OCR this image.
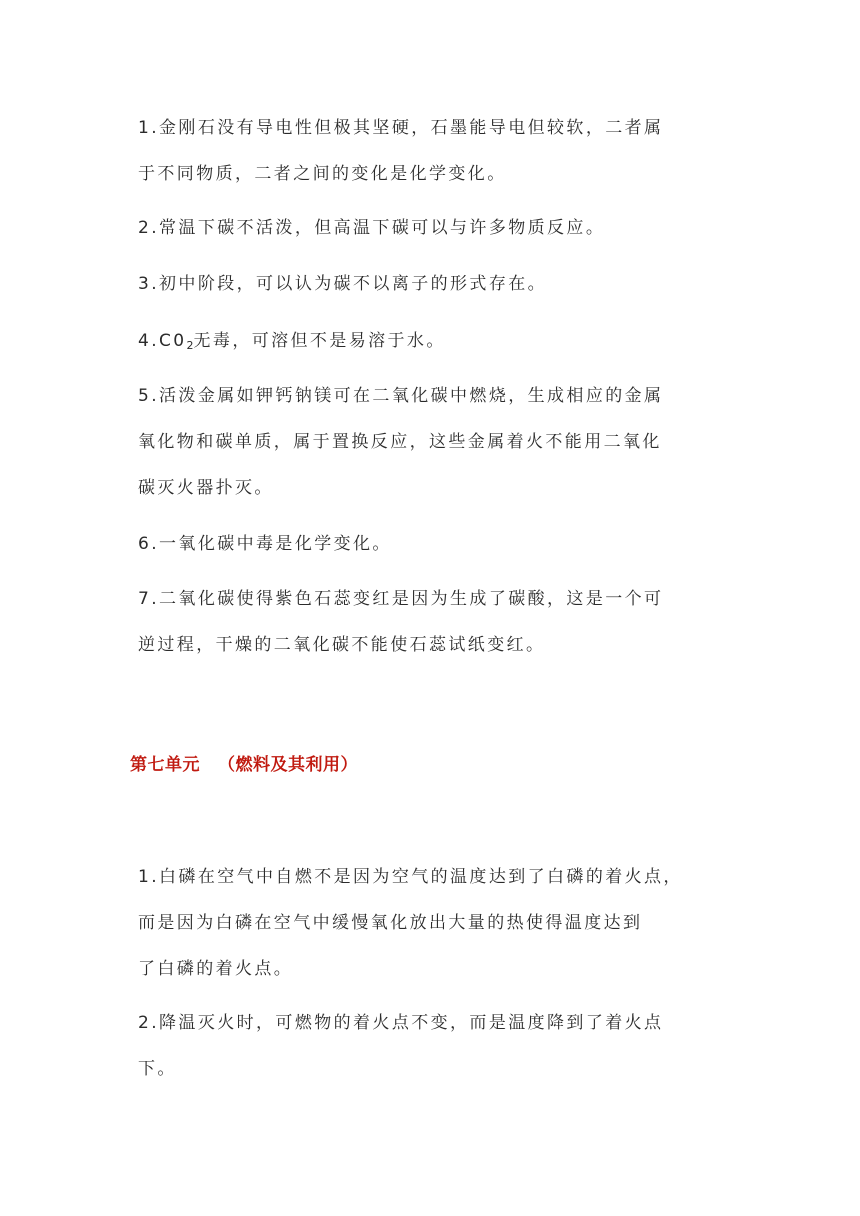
1.金刚石没有导电性但极其坚硬，石墨能导电但较软，二者属
于不同物质，二者之间的变化是化学变化。
2.常温下碳不活泼，但高温下碳可以与许多物质反应。
3.初中阶段，可以认为碳不以离子的形式存在。
$4.C0_2$无毒，可溶但不是易溶于水。
5.活泼金属如钾钙钠镁可在二氧化碳中燃烧，生成相应的金属
氧化物和碳单质，属于置换反应，这些金属着火不能用二氧化
碳灭火器扑灭。
6.一氧化碳中毒是化学变化。
7.二氧化碳使得紫色石蕊变红是因为生成了碳酸，这是一个可
逆过程，干燥的二氧化碳不能使石蕊试纸变红。
第七单元 （燃料及其利用）
1.白磷在空气中自燃不是因为空气的温度达到了白磷的着火点，
而是因为白磷在空气中缓慢氧化放出大量的热使得温度达到
了白磷的着火点。
2.降温灭火时，可燃物的着火点不变，而是温度降到了着火点
下。
